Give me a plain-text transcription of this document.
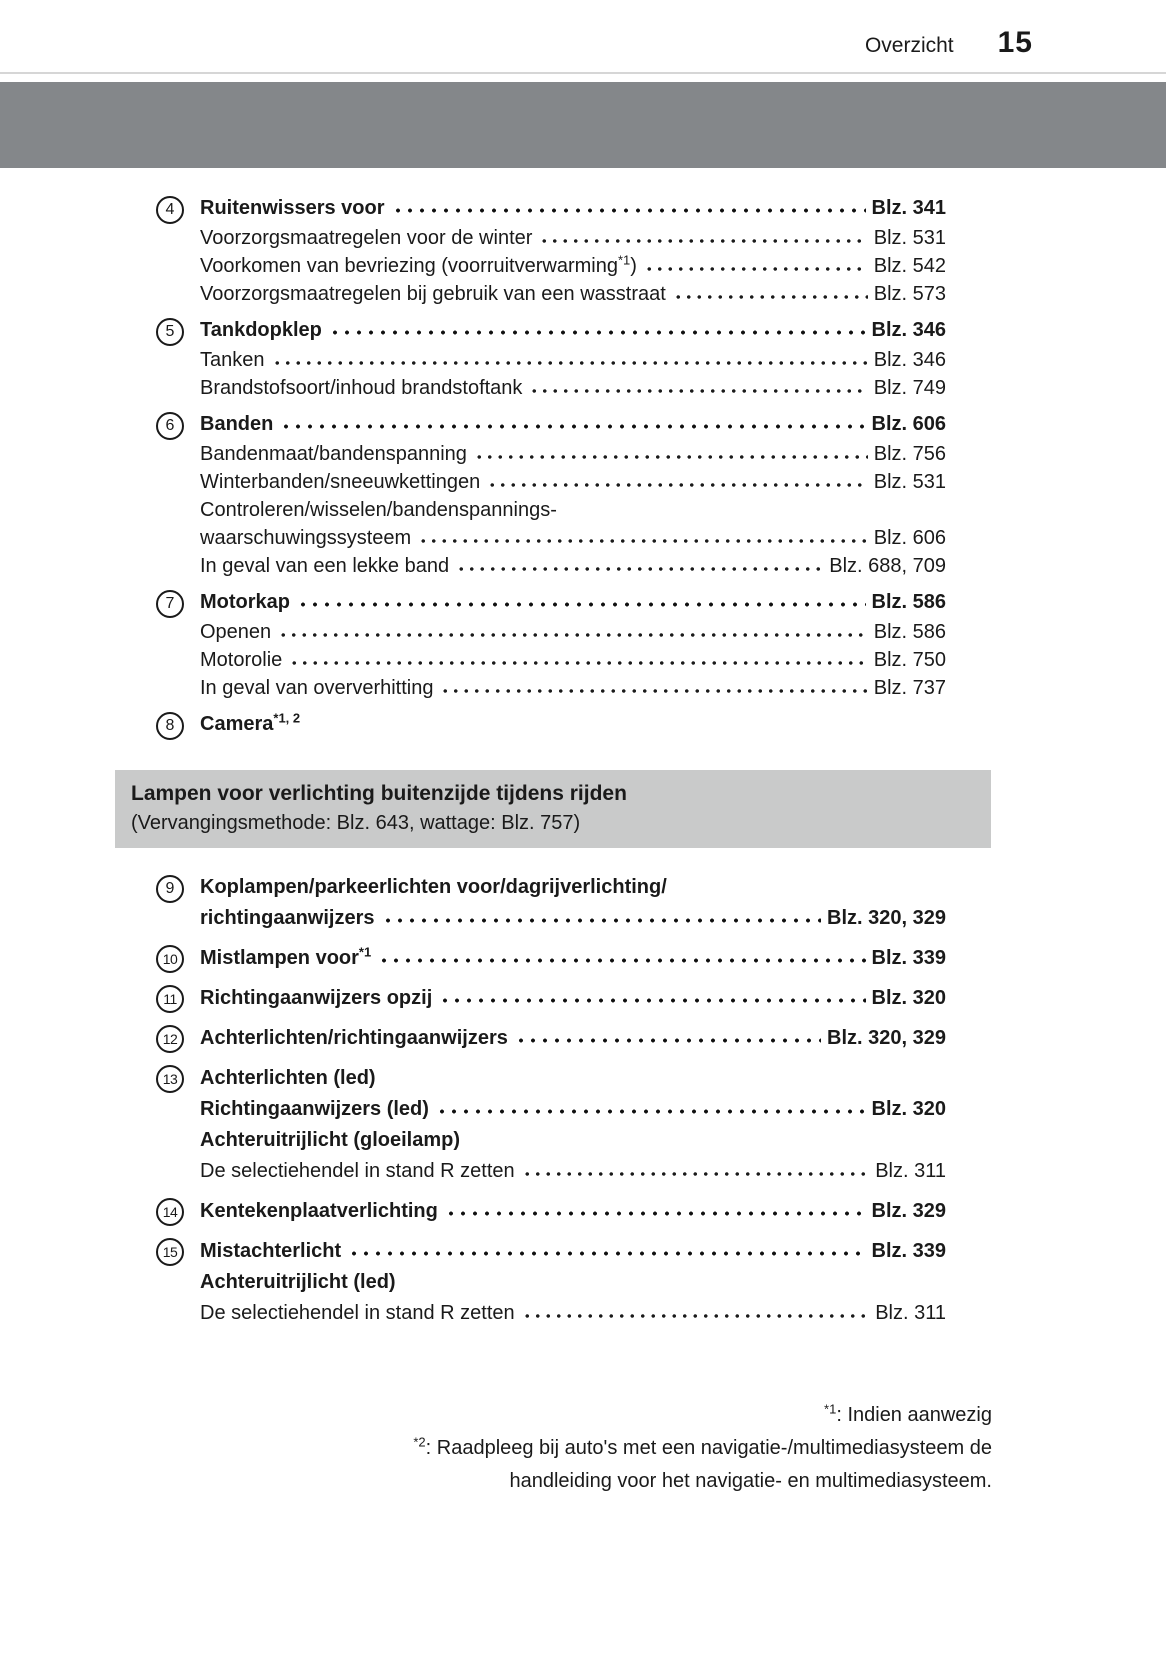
Overzicht 15
4	Ruitenwissers voor	Blz. 341
Voorzorgsmaatregelen voor de winter	Blz. 531
Voorkomen van bevriezing (voorruitverwarming$^{*1}$)	Blz. 542
Voorzorgsmaatregelen bij gebruik van een wasstraat	Blz. 573
5	Tankdopklep	Blz. 346
Tanken	Blz. 346
Brandstofsoort/inhoud brandstoftank	Blz. 749
6	Banden	Blz. 606
Bandenmaat/bandenspanning	Blz. 756
Winterbanden/sneeuwkettingen	Blz. 531
Controleren/wisselen/bandenspannings-
waarschuwingssysteem	Blz. 606
In geval van een lekke band	Blz. 688, 709
7	Motorkap	Blz. 586
Openen	Blz. 586
Motorolie	Blz. 750
In geval van oververhitting	Blz. 737
8	Camera$^{*1, 2}$
Lampen voor verlichting buitenzijde tijdens rijden
(Vervangingsmethode: Blz. 643, wattage: Blz. 757)
9	Koplampen/parkeerlichten voor/dagrijverlichting/
richtingaanwijzers	Blz. 320, 329
10	Mistlampen voor$^{*1}$	Blz. 339
11	Richtingaanwijzers opzij	Blz. 320
12	Achterlichten/richtingaanwijzers	Blz. 320, 329
13	Achterlichten (led)
Richtingaanwijzers (led)	Blz. 320
Achteruitrijlicht (gloeilamp)
De selectiehendel in stand R zetten	Blz. 311
14	Kentekenplaatverlichting	Blz. 329
15	Mistachterlicht	Blz. 339
Achteruitrijlicht (led)
De selectiehendel in stand R zetten	Blz. 311
$^{*1}$: Indien aanwezig
$^{*2}$: Raadpleeg bij auto's met een navigatie-/multimediasysteem de handleiding voor het navigatie- en multimediasysteem.
